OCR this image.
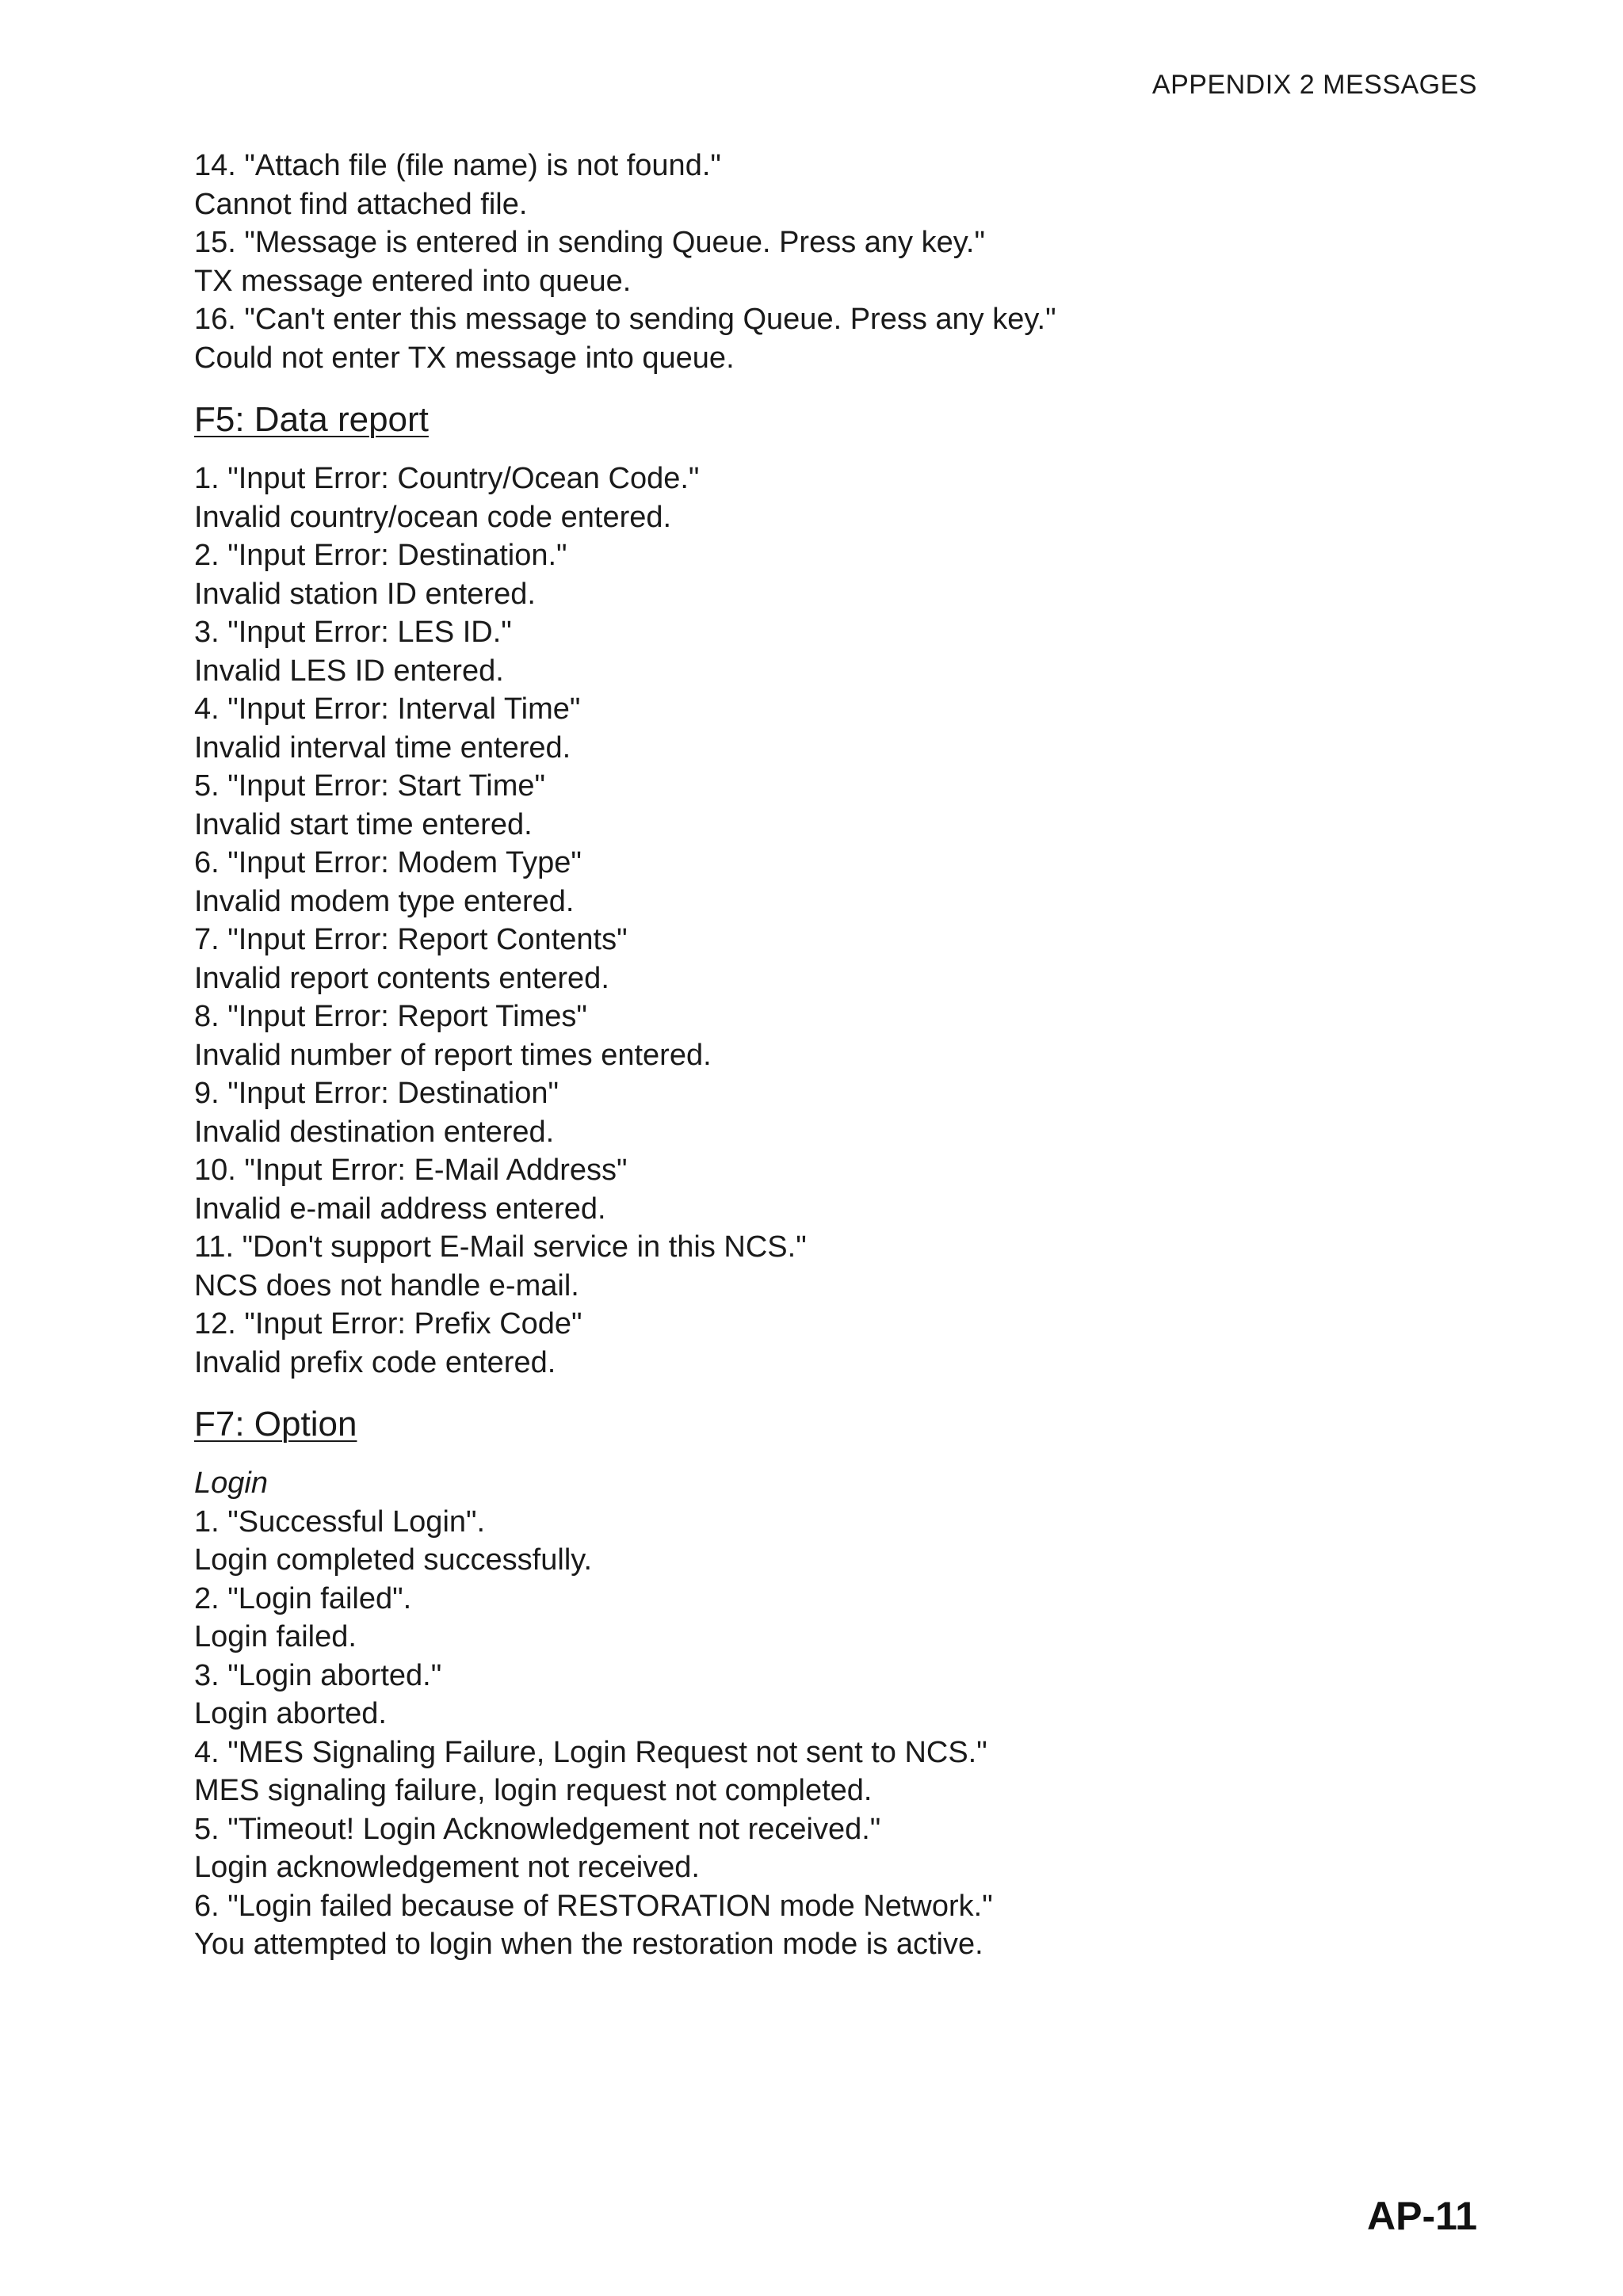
APPENDIX 2 MESSAGES
14. "Attach file (file name) is not found."
Cannot find attached file.
15. "Message is entered in sending Queue. Press any key."
TX message entered into queue.
16. "Can't enter this message to sending Queue. Press any key."
Could not enter TX message into queue.
F5: Data report
1. "Input Error: Country/Ocean Code."
Invalid country/ocean code entered.
2. "Input Error: Destination."
Invalid station ID entered.
3. "Input Error: LES ID."
Invalid LES ID entered.
4. "Input Error: Interval Time"
Invalid interval time entered.
5. "Input Error: Start Time"
Invalid start time entered.
6. "Input Error: Modem Type"
Invalid modem type entered.
7. "Input Error: Report Contents"
Invalid report contents entered.
8. "Input Error: Report Times"
Invalid number of report times entered.
9. "Input Error: Destination"
Invalid destination entered.
10. "Input Error: E-Mail Address"
Invalid e-mail address entered.
11. "Don't support E-Mail service in this NCS."
NCS does not handle e-mail.
12. "Input Error: Prefix Code"
Invalid prefix code entered.
F7: Option
Login
1. "Successful Login".
Login completed successfully.
2. "Login failed".
Login failed.
3. "Login aborted."
Login aborted.
4. "MES Signaling Failure, Login Request not sent to NCS."
MES signaling failure, login request not completed.
5. "Timeout! Login Acknowledgement not received."
Login acknowledgement not received.
6. "Login failed because of RESTORATION mode Network."
You attempted to login when the restoration mode is active.
AP-11
